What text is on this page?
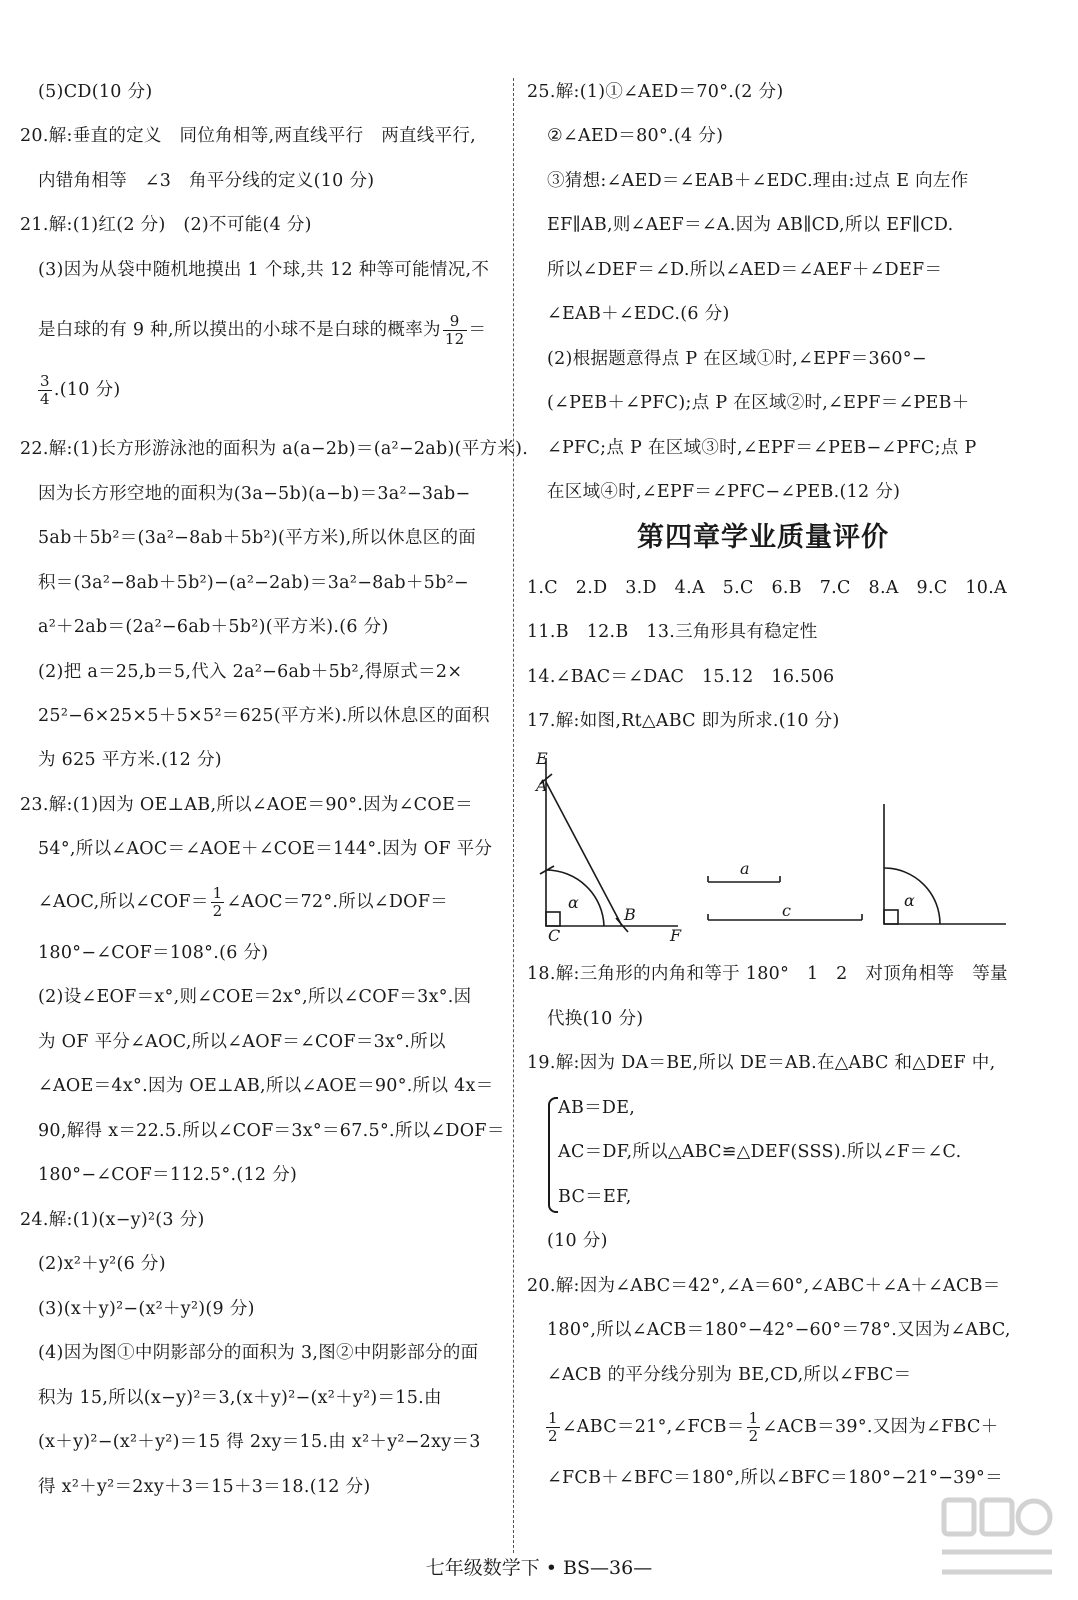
(5)CD(10 分)
20.解:垂直的定义　同位角相等,两直线平行　两直线平行,
内错角相等　∠3　角平分线的定义(10 分)
21.解:(1)红(2 分)　(2)不可能(4 分)
(3)因为从袋中随机地摸出 1 个球,共 12 种等可能情况,不
是白球的有 9 种,所以摸出的小球不是白球的概率为 $\frac{9}{12}$ ＝
$\frac{3}{4} .(10$ 分)
22.解:(1)长方形游泳池的面积为 a(a−2b)＝(a²−2ab)(平方米).
因为长方形空地的面积为(3a−5b)(a−b)＝3a²−3ab−
5ab＋5b²＝(3a²−8ab＋5b²)(平方米),所以休息区的面
积＝(3a²−8ab＋5b²)−(a²−2ab)＝3a²−8ab＋5b²−
a²＋2ab＝(2a²−6ab＋5b²)(平方米).(6 分)
(2)把 a＝25,b＝5,代入 2a²−6ab＋5b²,得原式＝2×
25²−6×25×5＋5×5²＝625(平方米).所以休息区的面积
为 625 平方米.(12 分)
23.解:(1)因为 OE⊥AB,所以∠AOE＝90°.因为∠COE＝
54°,所以∠AOC＝∠AOE＋∠COE＝144°.因为 OF 平分
∠AOC,所以∠COF＝ $\frac{1}{2}$ ∠AOC＝72°.所以∠DOF＝
180°−∠COF＝108°.(6 分)
(2)设∠EOF＝x°,则∠COE＝2x°,所以∠COF＝3x°.因
为 OF 平分∠AOC,所以∠AOF＝∠COF＝3x°.所以
∠AOE＝4x°.因为 OE⊥AB,所以∠AOE＝90°.所以 4x＝
90,解得 x＝22.5.所以∠COF＝3x°＝67.5°.所以∠DOF＝
180°−∠COF＝112.5°.(12 分)
24.解:(1)(x−y)²(3 分)
(2)x²＋y²(6 分)
(3)(x＋y)²−(x²＋y²)(9 分)
(4)因为图①中阴影部分的面积为 3,图②中阴影部分的面
积为 15,所以(x−y)²＝3,(x＋y)²−(x²＋y²)＝15.由
(x＋y)²−(x²＋y²)＝15 得 2xy＝15.由 x²＋y²−2xy＝3
得 x²＋y²＝2xy＋3＝15＋3＝18.(12 分)
25.解:(1)①∠AED＝70°.(2 分)
②∠AED＝80°.(4 分)
③猜想:∠AED＝∠EAB＋∠EDC.理由:过点 E 向左作
EF∥AB,则∠AEF＝∠A.因为 AB∥CD,所以 EF∥CD.
所以∠DEF＝∠D.所以∠AED＝∠AEF＋∠DEF＝
∠EAB＋∠EDC.(6 分)
(2)根据题意得点 P 在区域①时,∠EPF＝360°−
(∠PEB＋∠PFC);点 P 在区域②时,∠EPF＝∠PEB＋
∠PFC;点 P 在区域③时,∠EPF＝∠PEB−∠PFC;点 P
在区域④时,∠EPF＝∠PFC−∠PEB.(12 分)
第四章学业质量评价
1.C　2.D　3.D　4.A　5.C　6.B　7.C　8.A　9.C　10.A
11.B　12.B　13.三角形具有稳定性
14.∠BAC＝∠DAC　15.12　16.506
17.解:如图,Rt△ABC 即为所求.(10 分)
E
A
C
B
F
α
a
c
α
18.解:三角形的内角和等于 180°　1　2　对顶角相等　等量
代换(10 分)
19.解:因为 DA＝BE,所以 DE＝AB.在△ABC 和△DEF 中,
AB＝DE,
AC＝DF,所以△ABC≌△DEF(SSS).所以∠F＝∠C.
BC＝EF,
(10 分)
20.解:因为∠ABC＝42°,∠A＝60°,∠ABC＋∠A＋∠ACB＝
180°,所以∠ACB＝180°−42°−60°＝78°.又因为∠ABC,
∠ACB 的平分线分别为 BE,CD,所以∠FBC＝
$\frac{1}{2}$ ∠ABC＝21°,∠FCB＝ $\frac{1}{2}$ ∠ACB＝39°.又因为∠FBC＋
∠FCB＋∠BFC＝180°,所以∠BFC＝180°−21°−39°＝
七年级数学下 • BS—36—
